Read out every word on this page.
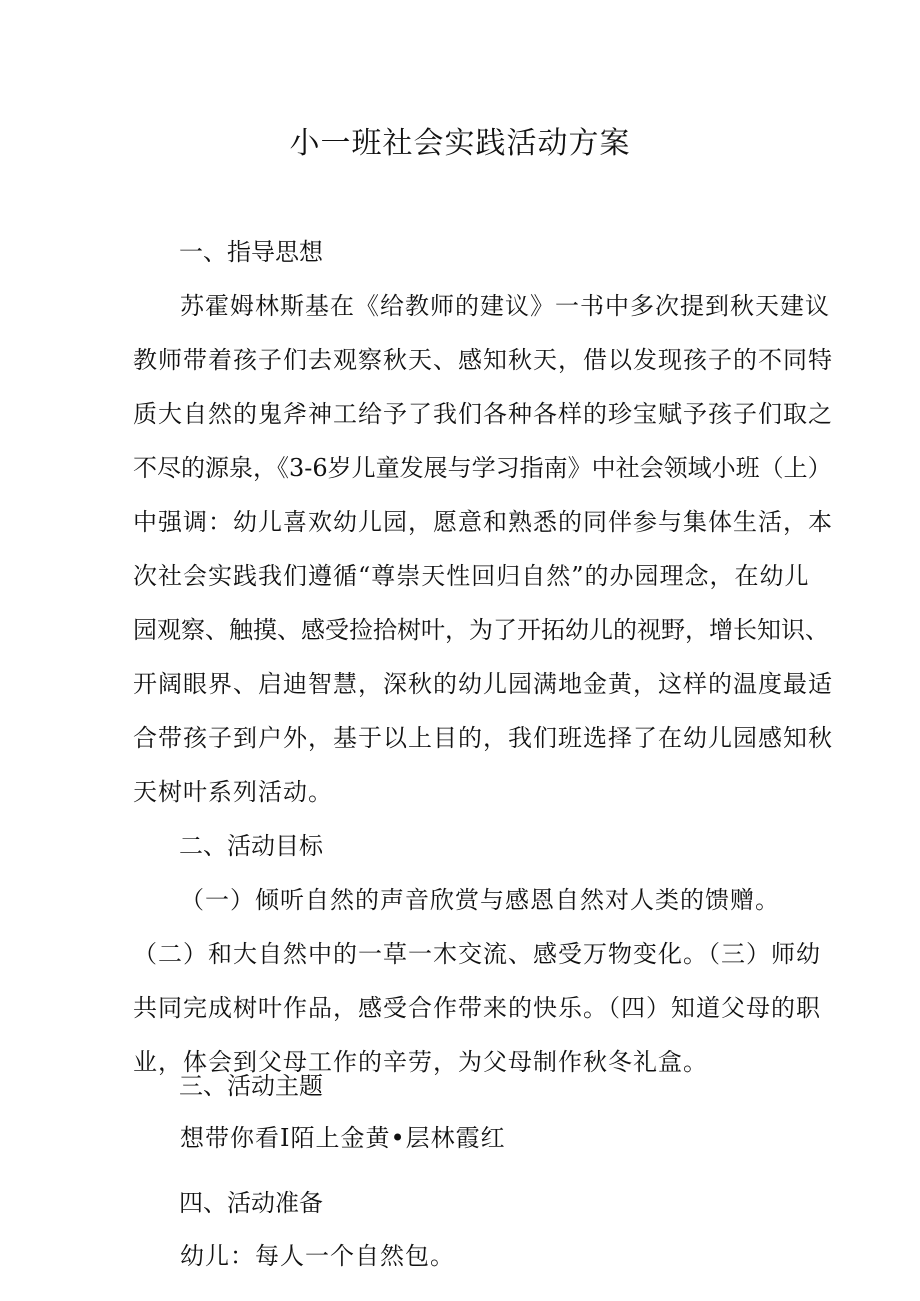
小一班社会实践活动方案
一、指导思想
苏霍姆林斯基在《给教师的建议》一书中多次提到秋天建议
教师带着孩子们去观察秋天、感知秋天，借以发现孩子的不同特
质大自然的鬼斧神工给予了我们各种各样的珍宝赋予孩子们取之
不尽的源泉，《3-6岁儿童发展与学习指南》中社会领域小班（上）
中强调：幼儿喜欢幼儿园，愿意和熟悉的同伴参与集体生活，本
次社会实践我们遵循“尊崇天性回归自然”的办园理念，在幼儿
园观察、触摸、感受捡拾树叶，为了开拓幼儿的视野，增长知识、
开阔眼界、启迪智慧，深秋的幼儿园满地金黄，这样的温度最适
合带孩子到户外，基于以上目的，我们班选择了在幼儿园感知秋
天树叶系列活动。
二、活动目标
（一）倾听自然的声音欣赏与感恩自然对人类的馈赠。
（二）和大自然中的一草一木交流、感受万物变化。（三）师幼
共同完成树叶作品，感受合作带来的快乐。（四）知道父母的职
业，体会到父母工作的辛劳，为父母制作秋冬礼盒。
三、活动主题
想带你看I陌上金黄•层林霞红
四、活动准备
幼儿：每人一个自然包。
